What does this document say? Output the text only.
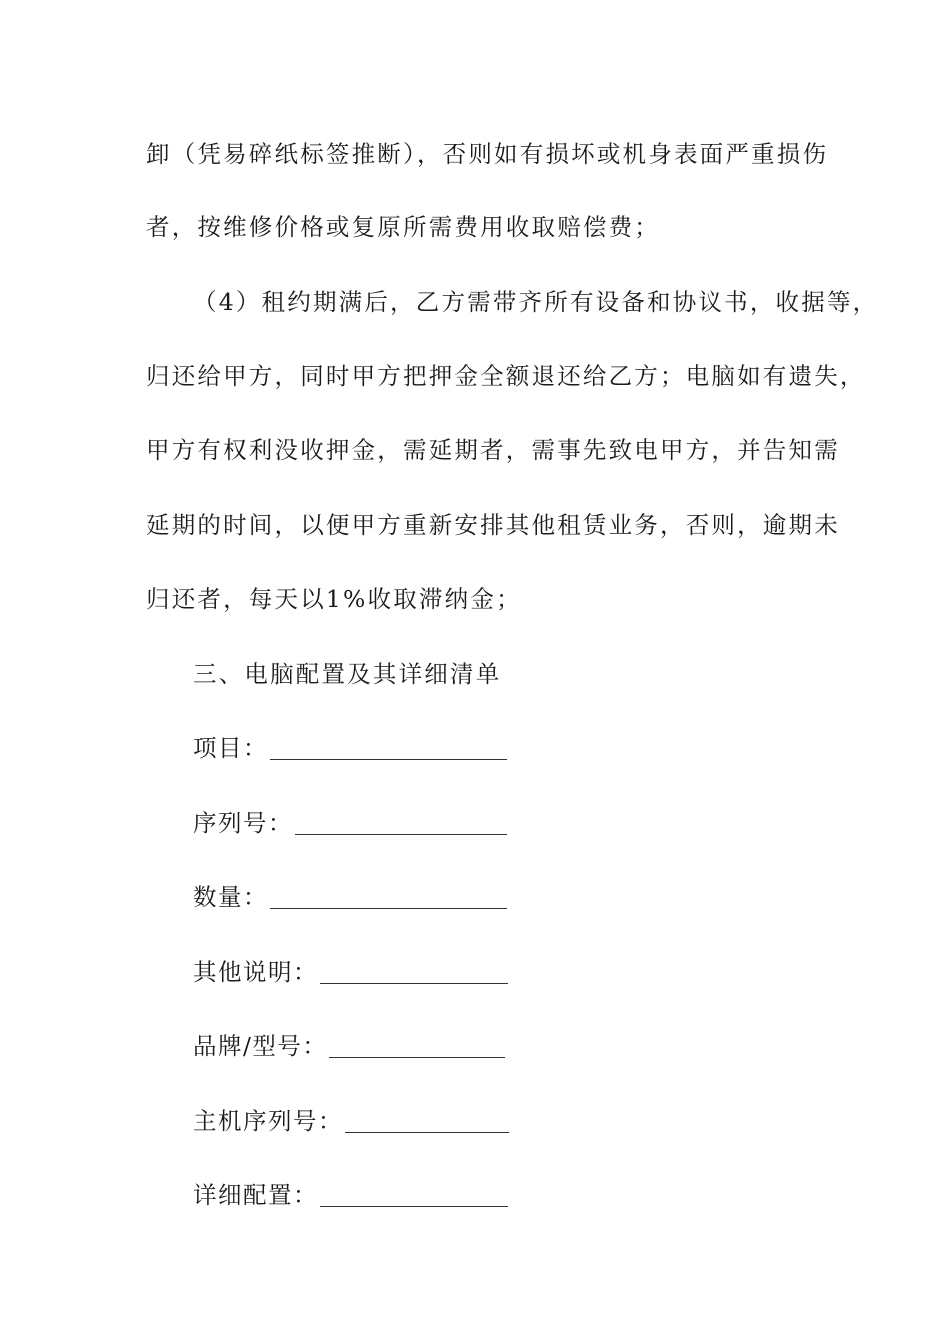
卸（凭易碎纸标签推断），否则如有损坏或机身表面严重损伤
者，按维修价格或复原所需费用收取赔偿费；
（4）租约期满后，乙方需带齐所有设备和协议书，收据等，
归还给甲方，同时甲方把押金全额退还给乙方；电脑如有遗失，
甲方有权利没收押金，需延期者，需事先致电甲方，并告知需
延期的时间，以便甲方重新安排其他租赁业务，否则，逾期未
归还者，每天以1%收取滞纳金；
三、电脑配置及其详细清单
项目：
序列号：
数量：
其他说明：
品牌/型号：
主机序列号：
详细配置：
